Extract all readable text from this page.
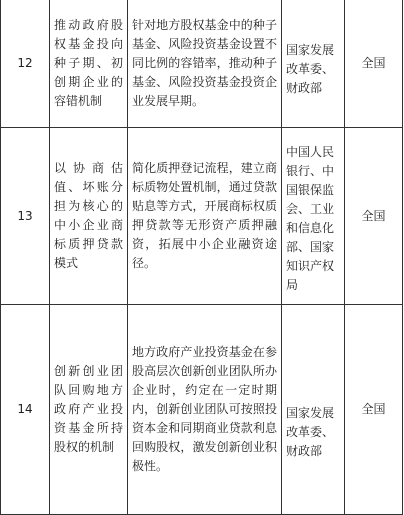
12	推动政府股权基金投向种子期、初创期企业的容错机制	针对地方股权基金中的种子基金、风险投资基金设置不同比例的容错率，推动种子基金、风险投资基金投资企业发展早期。	国家发展改革委、财政部	全国
13	以协商估值、坏账分担为核心的中小企业商标质押贷款模式	简化质押登记流程，建立商标质物处置机制，通过贷款贴息等方式，开展商标权质押贷款等无形资产质押融资，拓展中小企业融资途径。	中国人民银行、中国银保监会、工业和信息化部、国家知识产权局	全国
14	创新创业团队回购地方政府产业投资基金所持股权的机制	地方政府产业投资基金在参股高层次创新创业团队所办企业时，约定在一定时期内，创新创业团队可按照投资本金和同期商业贷款利息回购股权，激发创新创业积极性。	国家发展改革委、财政部	全国
